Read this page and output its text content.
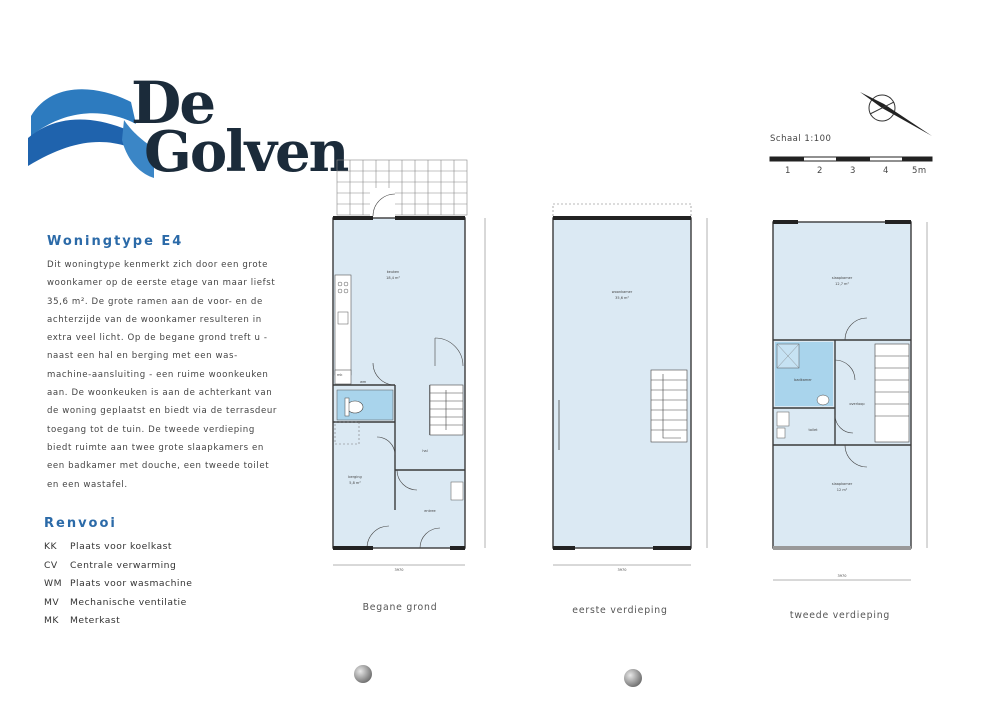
De
Golven
Woningtype E4

Dit woningtype kenmerkt zich door een grote woonkamer op de eerste etage van maar liefst 35,6 m². De grote ramen aan de voor- en de achterzijde van de woonkamer resulteren in extra veel licht. Op de begane grond treft u - naast een hal en berging met een was-machine-aansluiting - een ruime woonkeuken aan. De woonkeuken is aan de achterkant van de woning geplaatst en biedt via de terrasdeur toegang tot de tuin. De tweede verdieping biedt ruimte aan twee grote slaapkamers en een badkamer met douche, een tweede toilet en een wastafel.

Renvooi
KK	Plaats voor koelkast
CV	Centrale verwarming
WM Plaats voor wasmachine
MV	Mechanische ventilatie
MK	Meterkast
Schaal 1:100
1	2	3	4	5m
mk
wm
keuken
18,4 m²
hal
berging
5,8 m²
entree
3970
woonkamer
35,6 m²
3970
slaapkamer
12,7 m²
badkamer
overloop
toilet
slaapkamer
12 m²
3970
Begane grond	eerste verdieping	tweede verdieping
